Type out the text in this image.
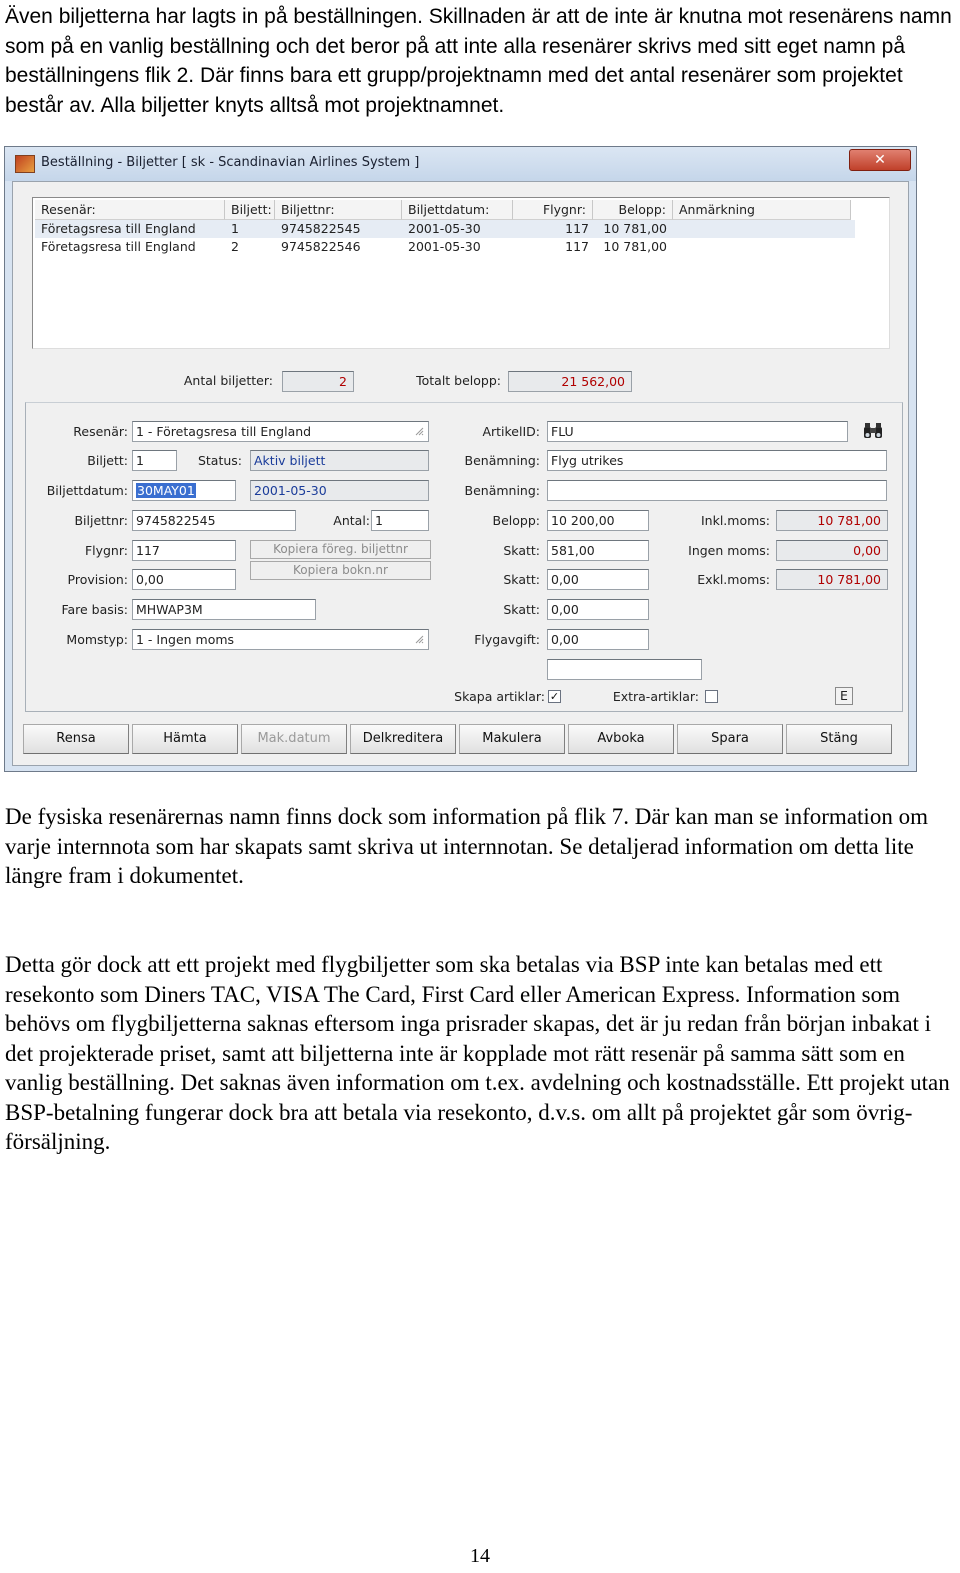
Även biljetterna har lagts in på beställningen. Skillnaden är att de inte är knutna mot resenärens namn som på en vanlig beställning och det beror på att inte alla resenärer skrivs med sitt eget namn på beställningens flik 2. Där finns bara ett grupp/projektnamn med det antal resenärer som projektet består av. Alla biljetter knyts alltså mot projektnamnet.

Beställning - Biljetter [ sk - Scandinavian Airlines System ]	✕
Resenär:	Biljett: Biljettnr:	Biljettdatum:	Flygnr:	Belopp:	Anmärkning
Företagsresa till England	1	9745822545	2001-05-30	117	10 781,00
Företagsresa till England	2	9745822546	2001-05-30	117	10 781,00
Antal biljetter:	2	Totalt belopp:	21 562,00
Resenär: 1 - Företagsresa till England
Biljett: 1	Status: Aktiv biljett
Biljettdatum: 30MAY01	2001-05-30
Biljettnr: 9745822545	Antal: 1
Flygnr: 117	Kopiera föreg. biljettnr
Kopiera bokn.nr
Provision: 0,00
Fare basis: MHWAP3M
Momstyp: 1 - Ingen moms
ArtikelID: FLU
Benämning: Flyg utrikes
Benämning:
Belopp: 10 200,00
Skatt: 581,00
Skatt: 0,00
Skatt: 0,00
Flygavgift: 0,00
Inkl.moms:	10 781,00
Ingen moms:	0,00
Exkl.moms:	10 781,00
Skapa artiklar: ✓	Extra-artiklar:	E
Rensa	Hämta	Mak.datum	Delkreditera	Makulera	Avboka	Spara	Stäng

De fysiska resenärernas namn finns dock som information på flik 7. Där kan man se information om varje internnota som har skapats samt skriva ut internnotan. Se detaljerad information om detta lite längre fram i dokumentet.

Detta gör dock att ett projekt med flygbiljetter som ska betalas via BSP inte kan betalas med ett resekonto som Diners TAC, VISA The Card, First Card eller American Express. Information som behövs om flygbiljetterna saknas eftersom inga prisrader skapas, det är ju redan från början inbakat i det projekterade priset, samt att biljetterna inte är kopplade mot rätt resenär på samma sätt som en vanlig beställning. Det saknas även information om t.ex. avdelning och kostnadsställe. Ett projekt utan BSP-betalning fungerar dock bra att betala via resekonto, d.v.s. om allt på projektet går som övrig-försäljning.

14
